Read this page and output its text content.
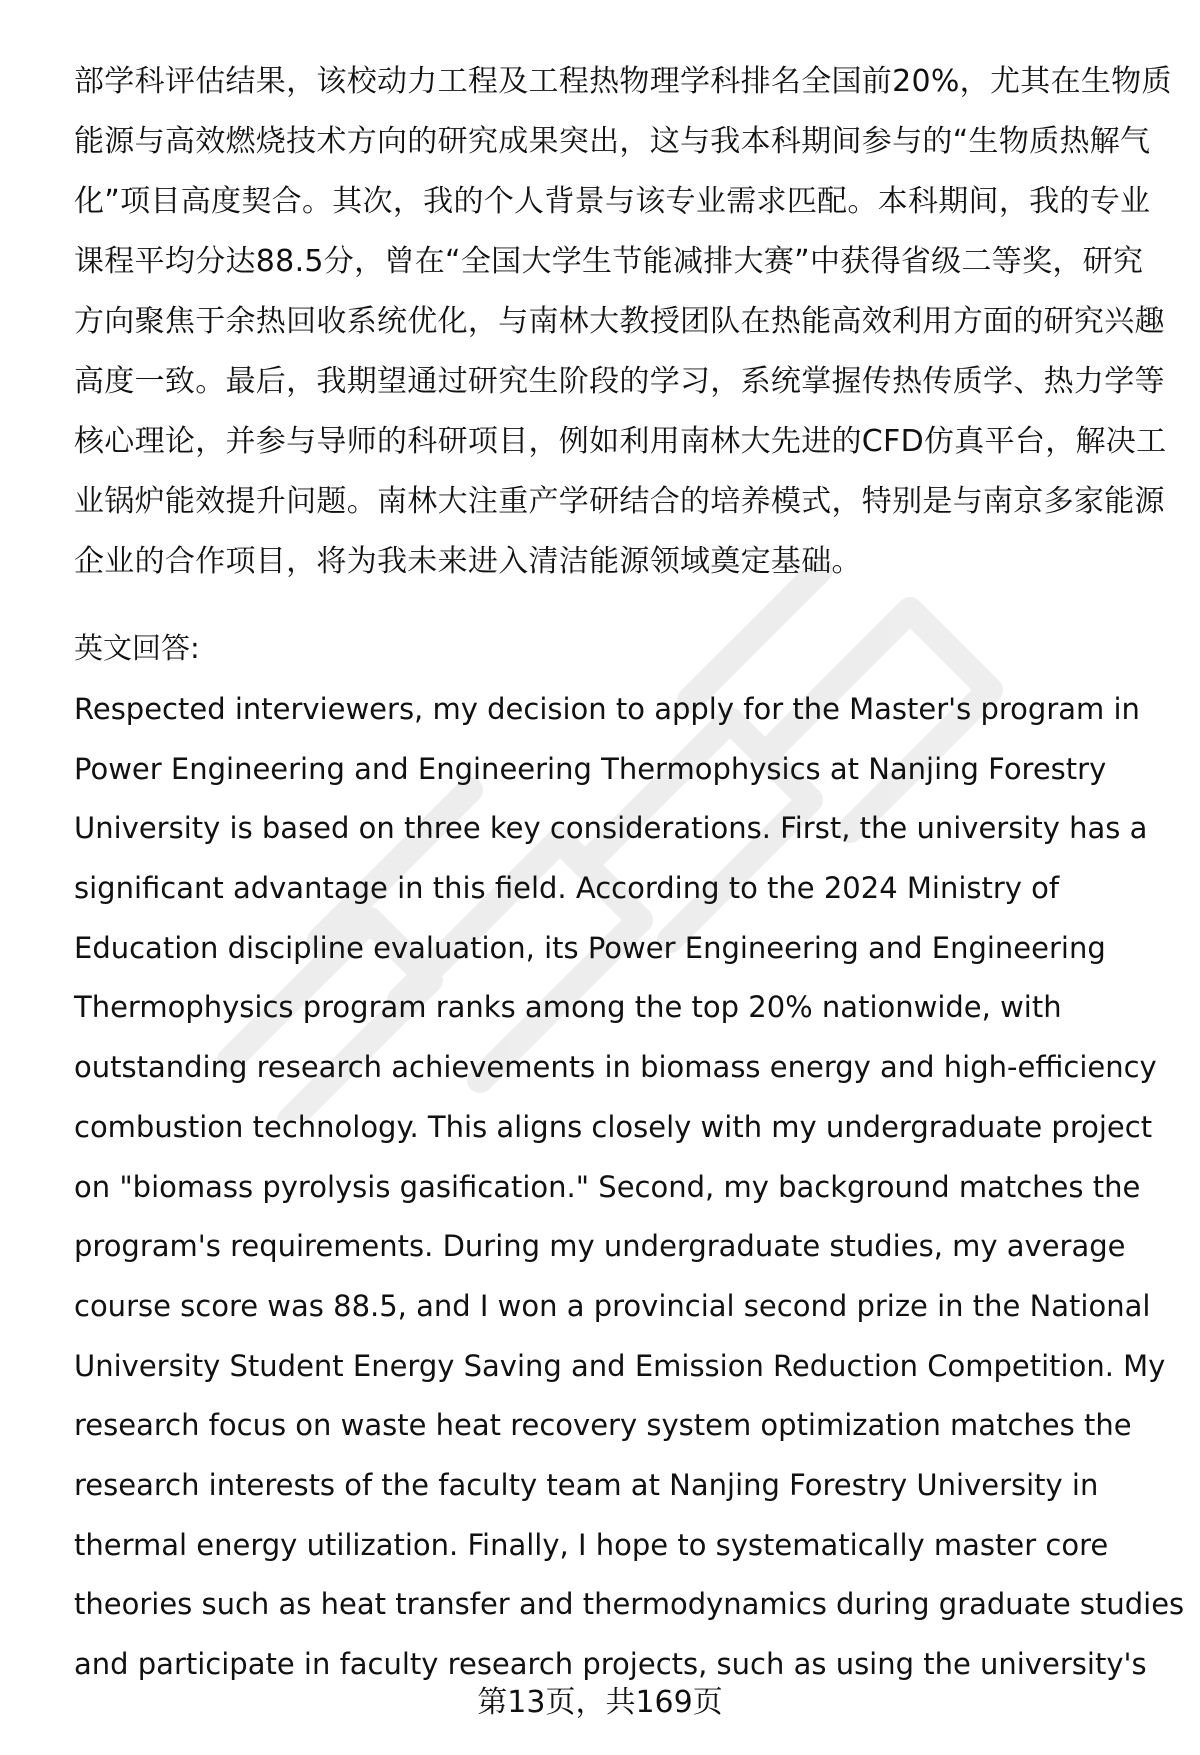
部学科评估结果，该校动力工程及工程热物理学科排名全国前20%，尤其在生物质
能源与高效燃烧技术方向的研究成果突出，这与我本科期间参与的“生物质热解气
化”项目高度契合。其次，我的个人背景与该专业需求匹配。本科期间，我的专业
课程平均分达88.5分，曾在“全国大学生节能减排大赛”中获得省级二等奖，研究
方向聚焦于余热回收系统优化，与南林大教授团队在热能高效利用方面的研究兴趣
高度一致。最后，我期望通过研究生阶段的学习，系统掌握传热传质学、热力学等
核心理论，并参与导师的科研项目，例如利用南林大先进的CFD仿真平台，解决工
业锅炉能效提升问题。南林大注重产学研结合的培养模式，特别是与南京多家能源
企业的合作项目，将为我未来进入清洁能源领域奠定基础。
英文回答:
Respected interviewers, my decision to apply for the Master's program in
Power Engineering and Engineering Thermophysics at Nanjing Forestry
University is based on three key considerations. First, the university has a
significant advantage in this field. According to the 2024 Ministry of
Education discipline evaluation, its Power Engineering and Engineering
Thermophysics program ranks among the top 20% nationwide, with
outstanding research achievements in biomass energy and high-efficiency
combustion technology. This aligns closely with my undergraduate project
on "biomass pyrolysis gasification." Second, my background matches the
program's requirements. During my undergraduate studies, my average
course score was 88.5, and I won a provincial second prize in the National
University Student Energy Saving and Emission Reduction Competition. My
research focus on waste heat recovery system optimization matches the
research interests of the faculty team at Nanjing Forestry University in
thermal energy utilization. Finally, I hope to systematically master core
theories such as heat transfer and thermodynamics during graduate studies
and participate in faculty research projects, such as using the university's
第13页，共169页
